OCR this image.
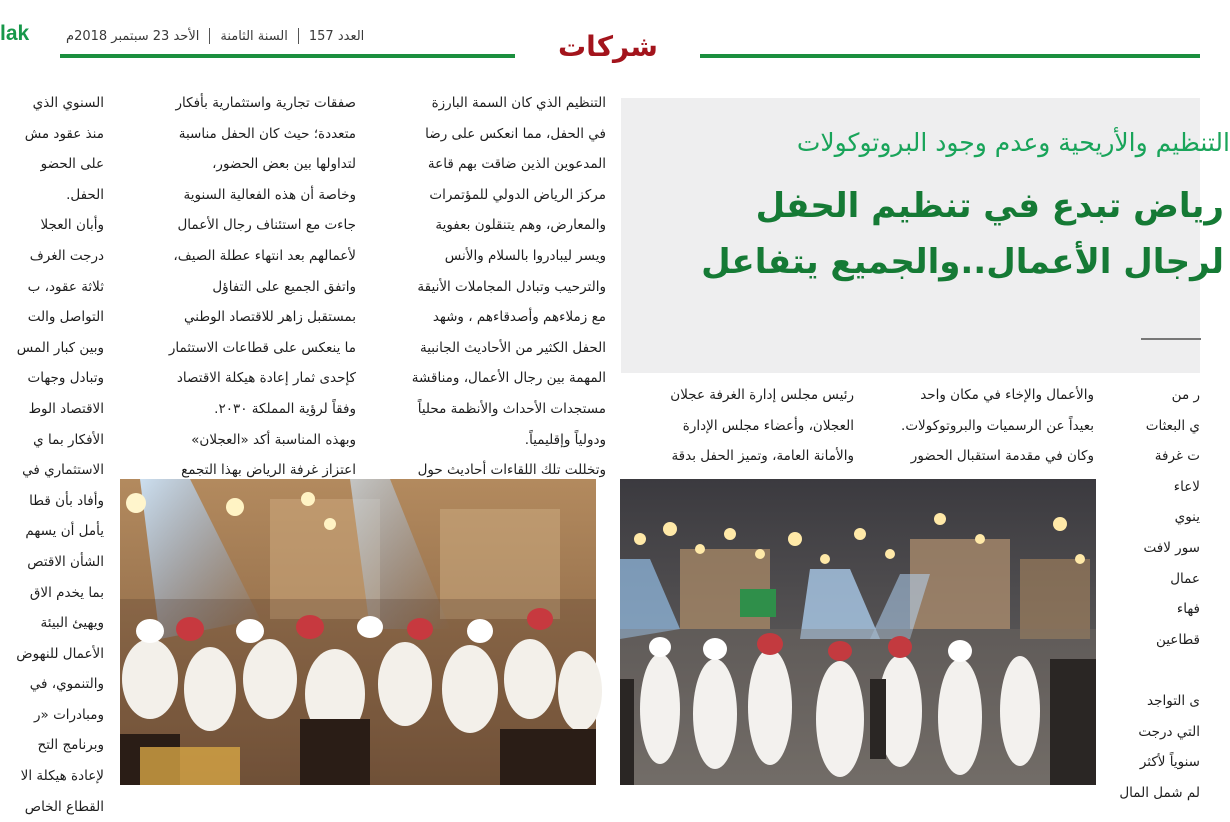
lak	العدد 157السنة الثامنةالأحد 23 سبتمبر 2018م	شركات
التنظيم والأريحية وعدم وجود البروتوكولات
رياض تبدع في تنظيم الحفل
لرجال الأعمال..والجميع يتفاعل

ر من

ي البعثات

ت غرفة

لاعاء

ينوي

سور لافت

عمال

فهاء

قطاعين

ى التواجد

التي درجت

سنوياً لأكثر

لم شمل المال

والأعمال والإخاء في مكان واحد

بعيداً عن الرسميات والبروتوكولات.

وكان في مقدمة استقبال الحضور

رئيس مجلس إدارة الغرفة عجلان

العجلان، وأعضاء مجلس الإدارة

والأمانة العامة، وتميز الحفل بدقة

التنظيم الذي كان السمة البارزة

في الحفل، مما انعكس على رضا

المدعوين الذين ضاقت بهم قاعة

مركز الرياض الدولي للمؤتمرات

والمعارض، وهم يتنقلون بعفوية

ويسر ليبادروا بالسلام والأنس

والترحيب وتبادل المجاملات الأنيقة

مع زملاءهم وأصدقاءهم ، وشهد

الحفل الكثير من الأحاديث الجانبية

المهمة بين رجال الأعمال، ومناقشة

مستجدات الأحداث والأنظمة محلياً

ودولياً وإقليمياً.

وتخللت تلك اللقاءات أحاديث حول

صفقات تجارية واستثمارية بأفكار

متعددة؛ حيث كان الحفل مناسبة

لتداولها بين بعض الحضور،

وخاصة أن هذه الفعالية السنوية

جاءت مع استئناف رجال الأعمال

لأعمالهم بعد انتهاء عطلة الصيف،

واتفق الجميع على التفاؤل

بمستقبل زاهر للاقتصاد الوطني

ما ينعكس على قطاعات الاستثمار

كإحدى ثمار إعادة هيكلة الاقتصاد

وفقاً لرؤية المملكة ٢٠٣٠.

وبهذه المناسبة أكد «العجلان»

اعتزاز غرفة الرياض بهذا التجمع

السنوي الذي

منذ عقود مش

على الحضو

الحفل.

وأبان العجلا

درجت الغرف

ثلاثة عقود، ب

التواصل والت

وبين كبار المس

وتبادل وجهات

الاقتصاد الوط

الأفكار بما ي

الاستثماري في

وأفاد بأن قطا

يأمل أن يسهم

الشأن الاقتص

بما يخدم الاق

ويهيئ البيئة

الأعمال للنهوض

والتنموي، في

ومبادرات «ر

وبرنامج التح

لإعادة هيكلة الا

القطاع الخاص
